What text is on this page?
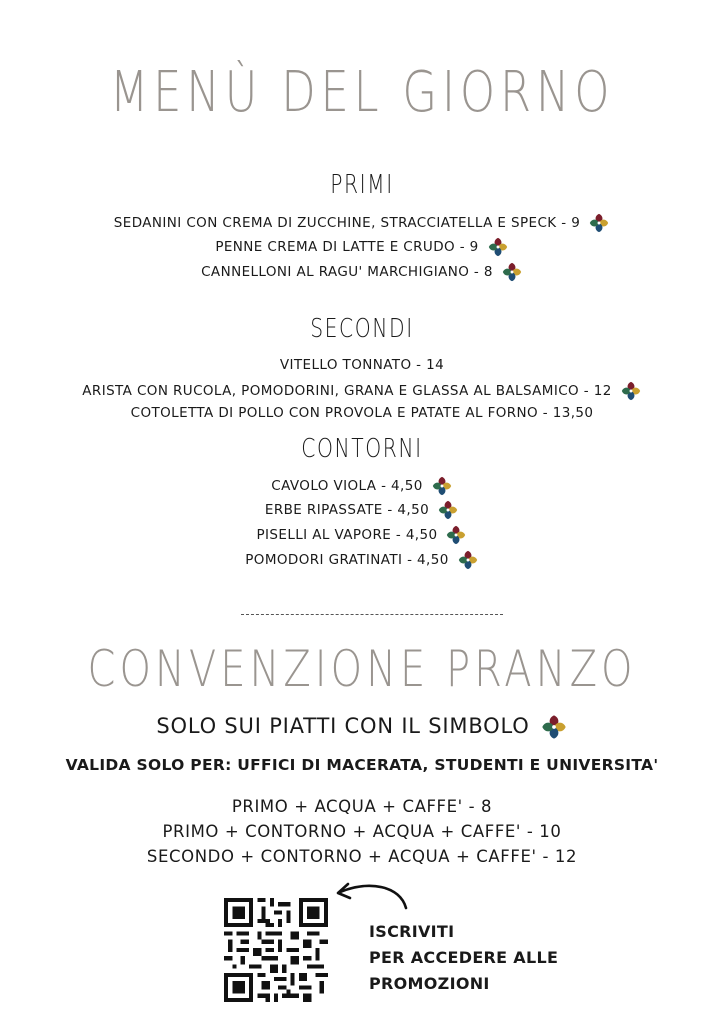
MENÙ DEL GIORNO
PRIMI
SEDANINI CON CREMA DI ZUCCHINE, STRACCIATELLA E SPECK - 9
PENNE CREMA DI LATTE E CRUDO - 9
CANNELLONI AL RAGU' MARCHIGIANO - 8
SECONDI
VITELLO TONNATO - 14
ARISTA CON RUCOLA, POMODORINI, GRANA E GLASSA AL BALSAMICO - 12
COTOLETTA DI POLLO CON PROVOLA E PATATE AL FORNO - 13,50
CONTORNI
CAVOLO VIOLA - 4,50
ERBE RIPASSATE - 4,50
PISELLI AL VAPORE - 4,50
POMODORI GRATINATI - 4,50
CONVENZIONE PRANZO
SOLO SUI PIATTI CON IL SIMBOLO
VALIDA SOLO PER: UFFICI DI MACERATA, STUDENTI E UNIVERSITA'
PRIMO + ACQUA + CAFFE' - 8
PRIMO + CONTORNO + ACQUA + CAFFE' - 10
SECONDO + CONTORNO + ACQUA + CAFFE' - 12
ISCRIVITI
PER ACCEDERE ALLE
PROMOZIONI
